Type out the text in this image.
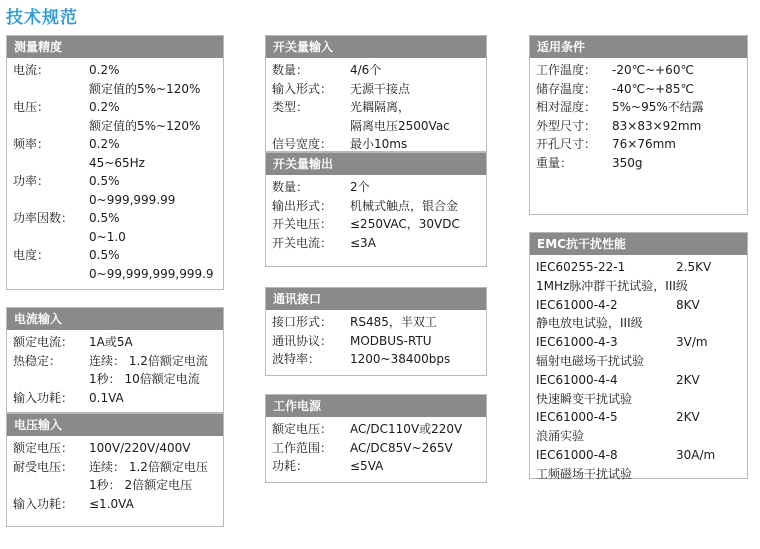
技术规范
测量精度
电流：	0.2%
额定值的5%~120%
电压：	0.2%
额定值的5%~120%
频率：	0.2%
45~65Hz
功率：	0.5%
0~999,999.99
功率因数： 0.5%
0~1.0
电度：	0.5%
0~99,999,999,999.9
电流输入
额定电流： 1A或5A
热稳定： 连续： 1.2倍额定电流
1秒： 10倍额定电流
输入功耗： 0.1VA
电压输入
额定电压： 100V/220V/400V
耐受电压： 连续： 1.2倍额定电压
1秒： 2倍额定电压
输入功耗： ≤1.0VA
开关量输入
数量：	4/6个
输入形式： 无源干接点
类型：	光耦隔离，
隔离电压2500Vac
信号宽度： 最小10ms
开关量输出
数量：	2个
输出形式： 机械式触点，银合金
开关电压： ≤250VAC，30VDC
开关电流： ≤3A
通讯接口
接口形式： RS485，半双工
通讯协议： MODBUS-RTU
波特率： 1200~38400bps
工作电源
额定电压： AC/DC110V或220V
工作范围： AC/DC85V~265V
功耗：	≤5VA
适用条件
工作温度： -20℃~+60℃
储存温度： -40℃~+85℃
相对湿度： 5%~95%不结露
外型尺寸： 83×83×92mm
开孔尺寸： 76×76mm
重量：	350g
EMC抗干扰性能
IEC60255-22-1	2.5KV
1MHz脉冲群干扰试验，III级
IEC61000-4-2	8KV
静电放电试验，III级
IEC61000-4-3	3V/m
辐射电磁场干扰试验
IEC61000-4-4	2KV
快速瞬变干扰试验
IEC61000-4-5	2KV
浪涌实验
IEC61000-4-8	30A/m
工频磁场干扰试验
